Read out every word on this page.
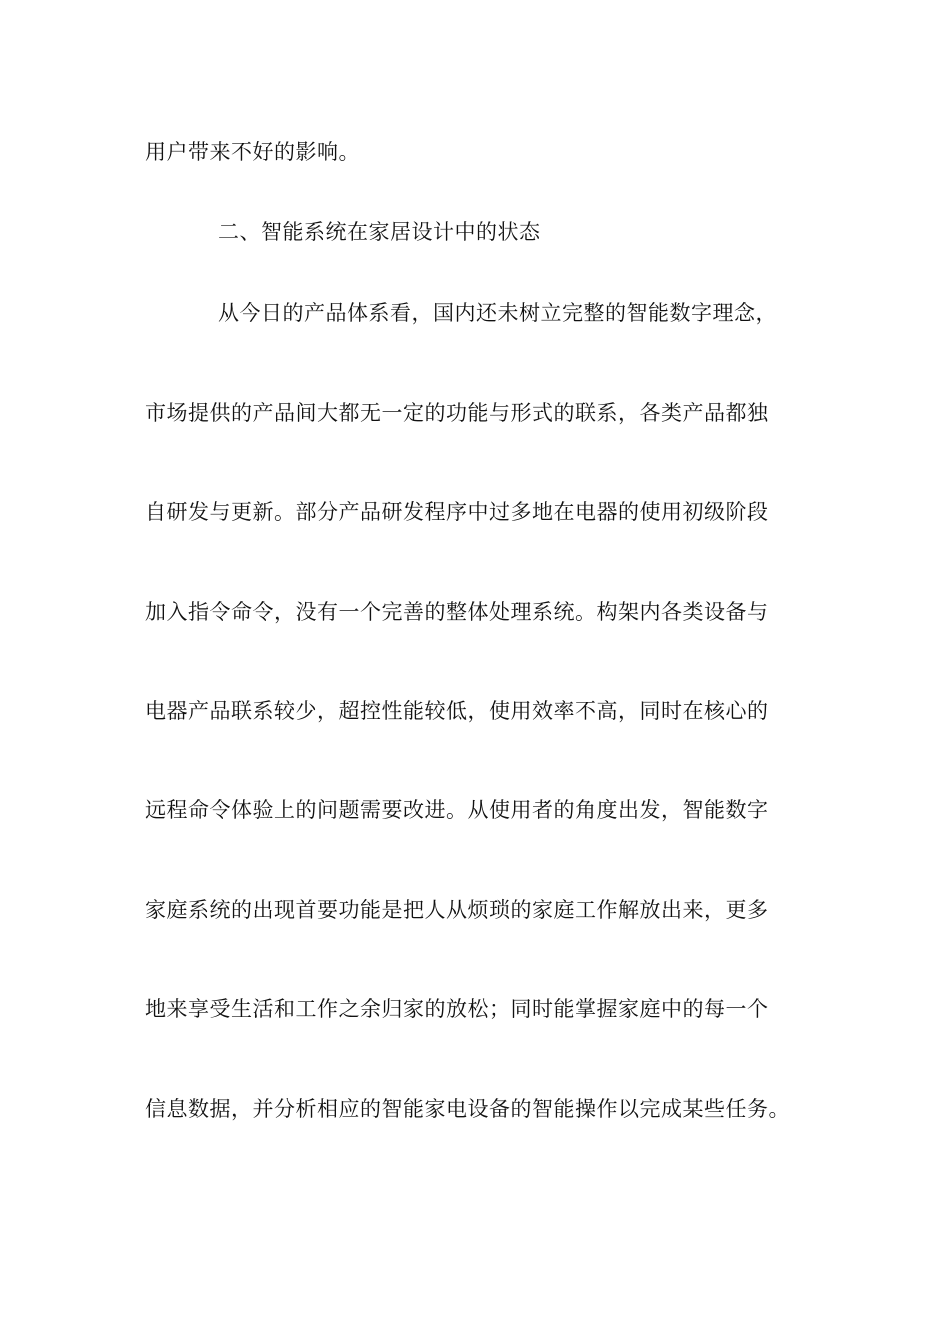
用户带来不好的影响。

二、智能系统在家居设计中的状态

从今日的产品体系看，国内还未树立完整的智能数字理念，

市场提供的产品间大都无一定的功能与形式的联系，各类产品都独

自研发与更新。部分产品研发程序中过多地在电器的使用初级阶段

加入指令命令，没有一个完善的整体处理系统。构架内各类设备与

电器产品联系较少，超控性能较低，使用效率不高，同时在核心的

远程命令体验上的问题需要改进。从使用者的角度出发，智能数字

家庭系统的出现首要功能是把人从烦琐的家庭工作解放出来，更多

地来享受生活和工作之余归家的放松；同时能掌握家庭中的每一个

信息数据，并分析相应的智能家电设备的智能操作以完成某些任务。
